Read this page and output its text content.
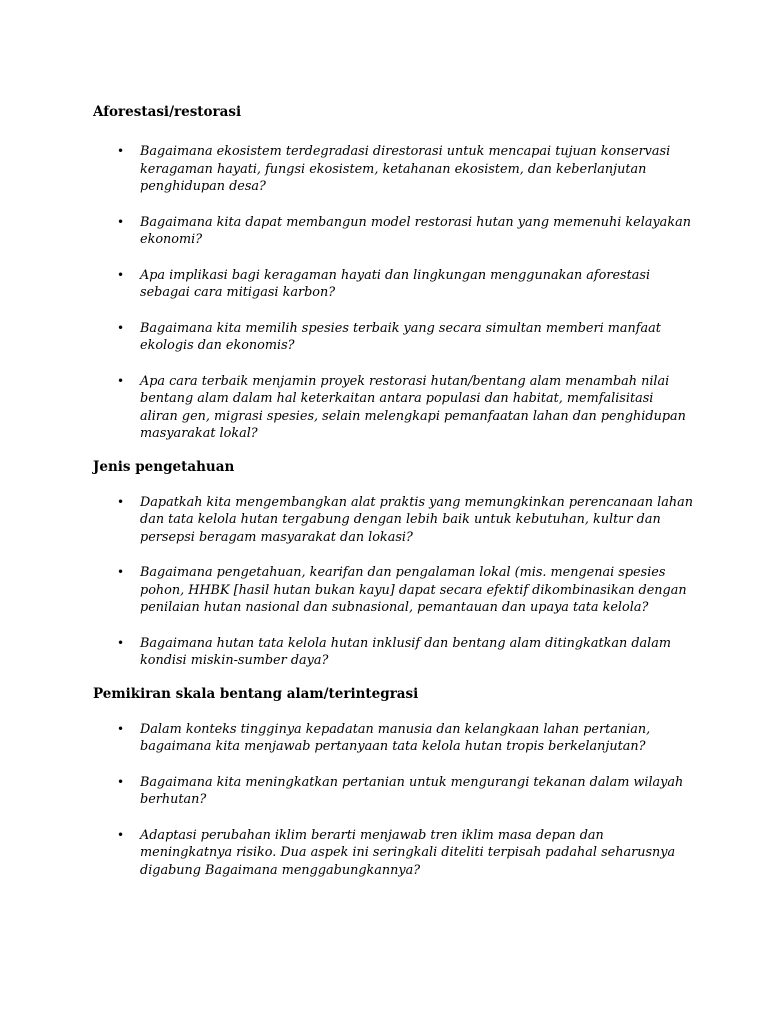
Aforestasi/restorasi

• Bagaimana ekosistem terdegradasi direstorasi untuk mencapai tujuan konservasi keragaman hayati, fungsi ekosistem, ketahanan ekosistem, dan keberlanjutan penghidupan desa?
• Bagaimana kita dapat membangun model restorasi hutan yang memenuhi kelayakan ekonomi?
• Apa implikasi bagi keragaman hayati dan lingkungan menggunakan aforestasi sebagai cara mitigasi karbon?
• Bagaimana kita memilih spesies terbaik yang secara simultan memberi manfaat ekologis dan ekonomis?
• Apa cara terbaik menjamin proyek restorasi hutan/bentang alam menambah nilai bentang alam dalam hal keterkaitan antara populasi dan habitat, memfalisitasi aliran gen, migrasi spesies, selain melengkapi pemanfaatan lahan dan penghidupan masyarakat lokal?

Jenis pengetahuan

• Dapatkah kita mengembangkan alat praktis yang memungkinkan perencanaan lahan dan tata kelola hutan tergabung dengan lebih baik untuk kebutuhan, kultur dan persepsi beragam masyarakat dan lokasi?
• Bagaimana pengetahuan, kearifan dan pengalaman lokal (mis. mengenai spesies pohon, HHBK [hasil hutan bukan kayu] dapat secara efektif dikombinasikan dengan penilaian hutan nasional dan subnasional, pemantauan dan upaya tata kelola?
• Bagaimana hutan tata kelola hutan inklusif dan bentang alam ditingkatkan dalam kondisi miskin-sumber daya?

Pemikiran skala bentang alam/terintegrasi

• Dalam konteks tingginya kepadatan manusia dan kelangkaan lahan pertanian, bagaimana kita menjawab pertanyaan tata kelola hutan tropis berkelanjutan?
• Bagaimana kita meningkatkan pertanian untuk mengurangi tekanan dalam wilayah berhutan?
• Adaptasi perubahan iklim berarti menjawab tren iklim masa depan dan meningkatnya risiko. Dua aspek ini seringkali diteliti terpisah padahal seharusnya digabung Bagaimana menggabungkannya?
